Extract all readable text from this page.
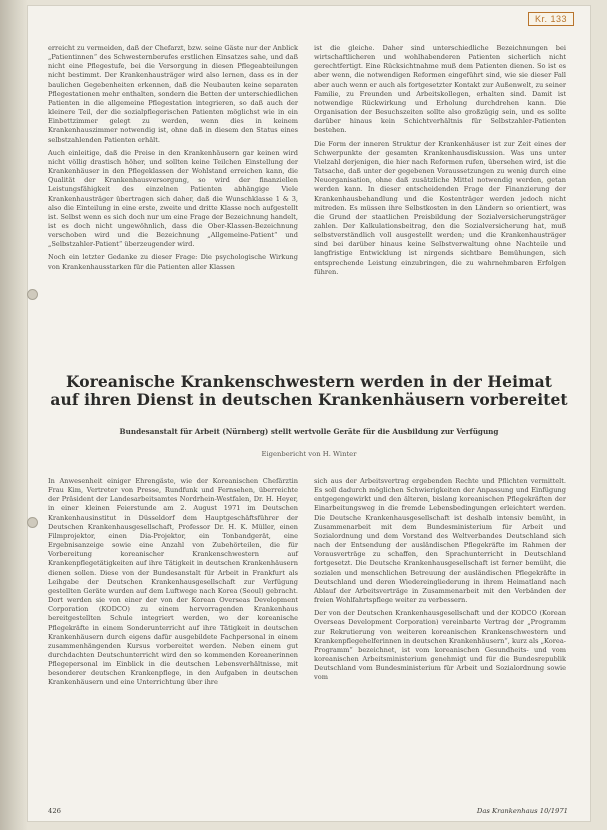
Kr. 133

erreicht zu vermeiden, daß der Chefarzt, bzw. seine Gäste nur der Anblick „Patientinnen“ des Schwesternberufes erstlichen Einsatzes sahe, und daß nicht eine Pflegestufe, bei die Versorgung in diesen Pflegeabteilungen nicht bestimmt. Der Krankenhausträger wird also lernen, dass es in der baulichen Gegebenheiten erkennen, daß die Neubauten keine separaten Pflegestationen mehr enthalten, sondern die Betten der unterschiedlichen Patienten in die allgemeine Pflegestation integrieren, so daß auch der kleinere Teil, der die sozialpflegerischen Patienten möglichst wie in ein Einbettzimmer gelegt zu werden, wenn dies in keinem Krankenhauszimmer notwendig ist, ohne daß in diesem den Status eines selbstzahlenden Patienten erhält.

Auch einleitige, daß die Preise in den Krankenhäusern gar keinen wird nicht völlig drastisch höher, und sollten keine Teilchen Einstellung der Krankenhäuser in den Pflegeklassen der Wohlstand erreichen kann, die Qualität der Krankenhausversorgung, so wird der finanziellen Leistungsfähigkeit des einzelnen Patienten abhängige Viele Krankenhausträger übertragen sich daher, daß die Wunschklasse 1 & 3, also die Einteilung in eine erste, zweite und dritte Klasse noch aufgestellt ist. Selbst wenn es sich doch nur um eine Frage der Bezeichnung handelt, ist es doch nicht ungewöhnlich, dass die Ober-Klassen-Bezeichnung verschoben wird und die Bezeichnung „Allgemeine-Patient“ und „Selbstzahler-Patient“ überzeugender wird.

Noch ein letzter Gedanke zu dieser Frage: Die psychologische Wirkung von Krankenhausstarken für die Patienten aller Klassen

ist die gleiche. Daher sind unterschiedliche Bezeichnungen bei wirtschaftlicheren und wohlhabenderen Patienten sicherlich nicht gerechtfertigt. Eine Rücksichtnahme muß dem Patienten dienen. So ist es aber wenn, die notwendigen Reformen eingeführt sind, wie sie dieser Fall aber auch wenn er auch als fortgesetzter Kontakt zur Außenwelt, zu seiner Familie, zu Freunden und Arbeitskollegen, erhalten sind. Damit ist notwendige Rückwirkung und Erholung durchdrehen kann. Die Organisation der Besuchszeiten sollte also großzügig sein, und es sollte darüber hinaus kein Schichtverhältnis für Selbstzahler-Patienten bestehen.

Die Form der inneren Struktur der Krankenhäuser ist zur Zeit eines der Schwerpunkte der gesamten Krankenhausdiskussion. Was uns unter Vielzahl derjenigen, die hier nach Reformen rufen, übersehen wird, ist die Tatsache, daß unter der gegebenen Voraussetzungen zu wenig durch eine Neuorganisation, ohne daß zusätzliche Mittel notwendig werden, getan werden kann. In dieser entscheidenden Frage der Finanzierung der Krankenhausbehandlung und die Kostenträger werden jedoch nicht mitreden. Es müssen ihre Selbstkosten in den Ländern so orientiert, was die Grund der staatlichen Preisbildung der Sozialversicherungsträger zahlen. Der Kalkulationsbeitrag, den die Sozialversicherung hat, muß selbstverständlich voll ausgestellt werden; und die Krankenhausträger sind bei darüber hinaus keine Selbstverwaltung ohne Nachteile und langfristige Entwicklung ist nirgends sichtbare Bemühungen, sich entsprechende Leistung einzubringen, die zu wahrnehmbaren Erfolgen führen.

Koreanische Krankenschwestern werden in der Heimat
auf ihren Dienst in deutschen Krankenhäusern vorbereitet
Bundesanstalt für Arbeit (Nürnberg) stellt wertvolle Geräte für die Ausbildung zur Verfügung
Eigenbericht von H. Winter

In Anwesenheit einiger Ehrengäste, wie der Koreanischen Chefärztin Frau Kim, Vertreter von Presse, Rundfunk und Fernsehen, überreichte der Präsident der Landesarbeitsamtes Nordrhein-Westfalen, Dr. H. Heyer, in einer kleinen Feierstunde am 2. August 1971 im Deutschen Krankenhausinstitut in Düsseldorf dem Hauptgeschäftsführer der Deutschen Krankenhausgesellschaft, Professor Dr. H. K. Müller, einen Filmprojektor, einen Dia-Projektor, ein Tonbandgerät, eine Ergebnisanzeige sowie eine Anzahl von Zubehörteilen, die für Vorbereitung koreanischer Krankenschwestern auf Krankenpflegetätigkeiten auf ihre Tätigkeit in deutschen Krankenhäusern dienen sollen. Diese von der Bundesanstalt für Arbeit in Frankfurt als Leihgabe der Deutschen Krankenhausgesellschaft zur Verfügung gestellten Geräte wurden auf dem Luftwege nach Korea (Seoul) gebracht. Dort werden sie von einer der von der Korean Overseas Development Corporation (KODCO) zu einem hervorragenden Krankenhaus bereitgestellten Schule integriert werden, wo der koreanische Pflegekräfte in einem Sonderunterricht auf ihre Tätigkeit in deutschen Krankenhäusern durch eigens dafür ausgebildete Fachpersonal in einem zusammenhängenden Kursus vorbereitet werden. Neben einem gut durchdachten Deutschunterricht wird den so kommenden Koreanerinnen Pflegepersonal im Einblick in die deutschen Lebensverhältnisse, mit besonderer deutschen Krankenpflege, in den Aufgaben in deutschen Krankenhäusern und eine Unterrichtung über ihre

sich aus der Arbeitsvertrag ergebenden Rechte und Pflichten vermittelt. Es soll dadurch möglichen Schwierigkeiten der Anpassung und Einfügung entgegengewirkt und den älteren, bislang koreanischen Pflegekräften der Einarbeitungsweg in die fremde Lebensbedingungen erleichtert werden. Die Deutsche Krankenhausgesellschaft ist deshalb intensiv bemüht, in Zusammenarbeit mit dem Bundesministerium für Arbeit und Sozialordnung und dem Vorstand des Weltverbandes Deutschland sich nach der Entsendung der ausländischen Pflegekräfte im Rahmen der Vorausverträge zu schaffen, den Sprachunterricht in Deutschland fortgesetzt. Die Deutsche Krankenhausgesellschaft ist ferner bemüht, die sozialen und menschlichen Betreuung der ausländischen Pflegekräfte in Deutschland und deren Wiedereingliederung in ihrem Heimatland nach Ablauf der Arbeitsverträge in Zusammenarbeit mit den Verbänden der freien Wohlfahrtspflege weiter zu verbessern.

Der von der Deutschen Krankenhausgesellschaft und der KODCO (Korean Overseas Development Corporation) vereinbarte Vertrag der „Programm zur Rekrutierung von weiteren koreanischen Krankenschwestern und Krankenpflegehelferinnen in deutschen Krankenhäusern“, kurz als „Korea-Programm“ bezeichnet, ist vom koreanischen Gesundheits- und vom koreanischen Arbeitsministerium genehmigt und für die Bundesrepublik Deutschland vom Bundesministerium für Arbeit und Sozialordnung sowie vom

426	Das Krankenhaus 10/1971
